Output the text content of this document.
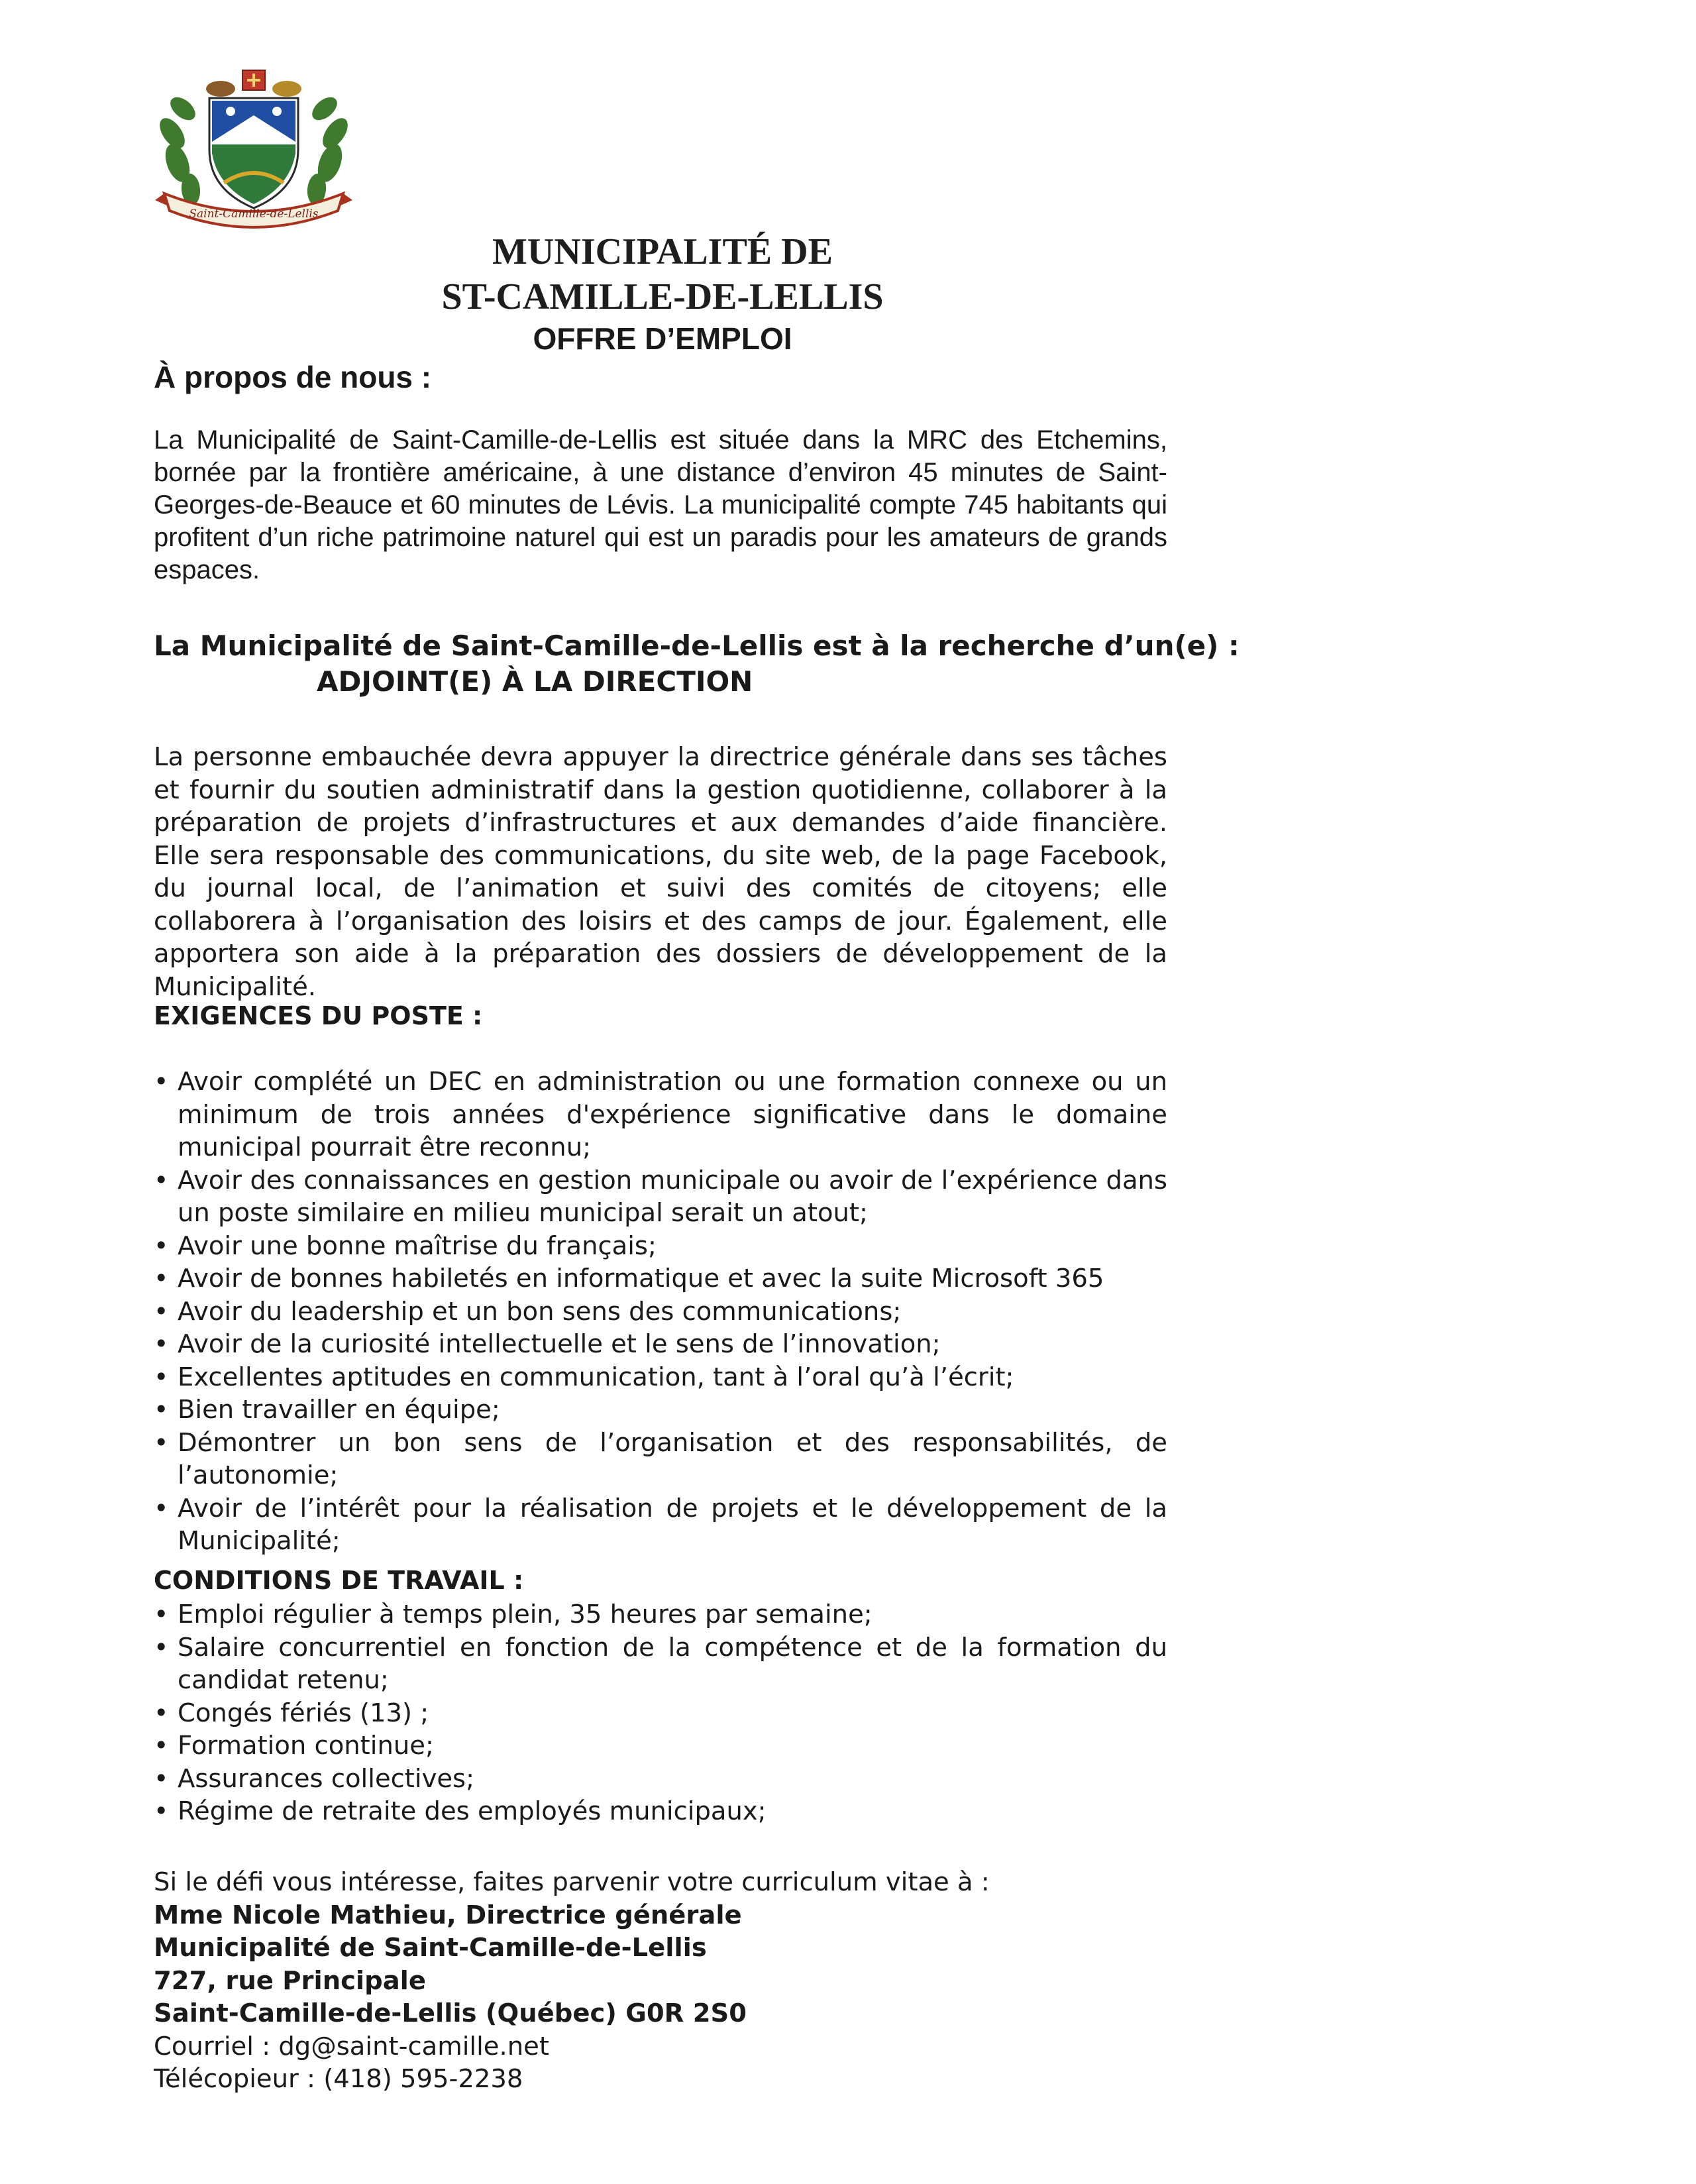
Saint-Camille-de-Lellis
MUNICIPALITÉ DE
ST-CAMILLE-DE-LELLIS
OFFRE D’EMPLOI
À propos de nous :

La Municipalité de Saint-Camille-de-Lellis est située dans la MRC des Etchemins, bornée par la frontière américaine, à une distance d’environ 45 minutes de Saint-Georges-de-Beauce et 60 minutes de Lévis. La municipalité compte 745 habitants qui profitent d’un riche patrimoine naturel qui est un paradis pour les amateurs de grands espaces.

La Municipalité de Saint-Camille-de-Lellis est à la recherche d’un(e) :

ADJOINT(E) À LA DIRECTION

La personne embauchée devra appuyer la directrice générale dans ses tâches et fournir du soutien administratif dans la gestion quotidienne, collaborer à la préparation de projets d’infrastructures et aux demandes d’aide financière. Elle sera responsable des communications, du site web, de la page Facebook, du journal local, de l’animation et suivi des comités de citoyens; elle collaborera à l’organisation des loisirs et des camps de jour. Également, elle apportera son aide à la préparation des dossiers de développement de la Municipalité.

EXIGENCES DU POSTE :
• Avoir complété un DEC en administration ou une formation connexe ou un minimum de trois années d'expérience significative dans le domaine municipal pourrait être reconnu;
• Avoir des connaissances en gestion municipale ou avoir de l’expérience dans un poste similaire en milieu municipal serait un atout;
• Avoir une bonne maîtrise du français;
• Avoir de bonnes habiletés en informatique et avec la suite Microsoft 365
• Avoir du leadership et un bon sens des communications;
• Avoir de la curiosité intellectuelle et le sens de l’innovation;
• Excellentes aptitudes en communication, tant à l’oral qu’à l’écrit;
• Bien travailler en équipe;
• Démontrer un bon sens de l’organisation et des responsabilités, de l’autonomie;
• Avoir de l’intérêt pour la réalisation de projets et le développement de la Municipalité;
CONDITIONS DE TRAVAIL :
• Emploi régulier à temps plein, 35 heures par semaine;
• Salaire concurrentiel en fonction de la compétence et de la formation du candidat retenu;
• Congés fériés (13) ;
• Formation continue;
• Assurances collectives;
• Régime de retraite des employés municipaux;
Si le défi vous intéresse, faites parvenir votre curriculum vitae à :
Mme Nicole Mathieu, Directrice générale
Municipalité de Saint-Camille-de-Lellis
727, rue Principale
Saint-Camille-de-Lellis (Québec) G0R 2S0
Courriel : dg@saint-camille.net
Télécopieur : (418) 595-2238
